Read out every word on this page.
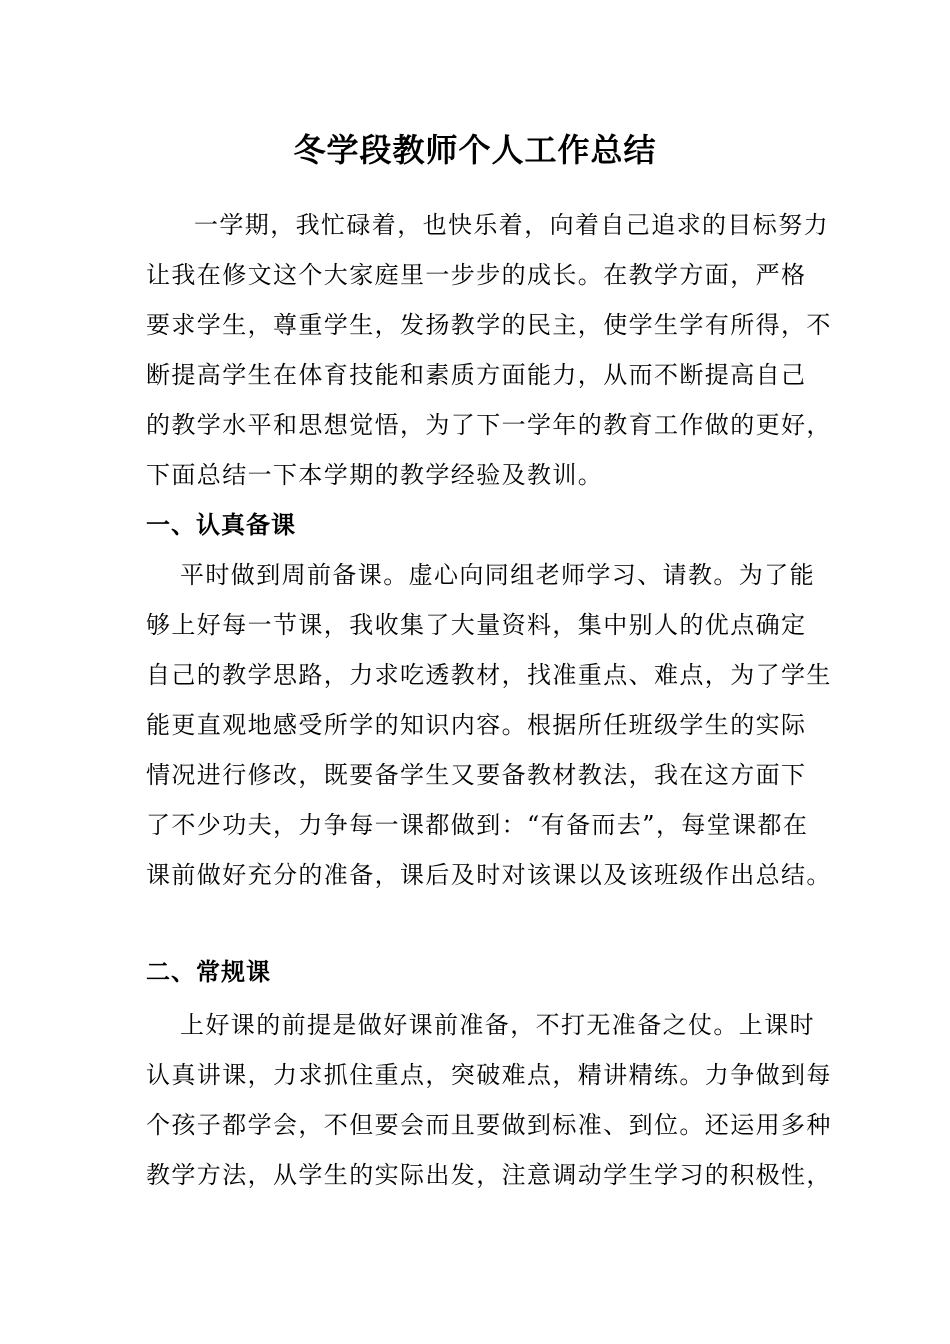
冬学段教师个人工作总结

一学期，我忙碌着，也快乐着，向着自己追求的目标努力

让我在修文这个大家庭里一步步的成长。在教学方面，严格

要求学生，尊重学生，发扬教学的民主，使学生学有所得，不

断提高学生在体育技能和素质方面能力，从而不断提高自己

的教学水平和思想觉悟，为了下一学年的教育工作做的更好，

下面总结一下本学期的教学经验及教训。

一、认真备课

平时做到周前备课。虚心向同组老师学习、请教。为了能

够上好每一节课，我收集了大量资料，集中别人的优点确定

自己的教学思路，力求吃透教材，找准重点、难点，为了学生

能更直观地感受所学的知识内容。根据所任班级学生的实际

情况进行修改，既要备学生又要备教材教法，我在这方面下

了不少功夫，力争每一课都做到：“有备而去”，每堂课都在

课前做好充分的准备，课后及时对该课以及该班级作出总结。

二、常规课

上好课的前提是做好课前准备，不打无准备之仗。上课时

认真讲课，力求抓住重点，突破难点，精讲精练。力争做到每

个孩子都学会，不但要会而且要做到标准、到位。还运用多种

教学方法，从学生的实际出发，注意调动学生学习的积极性，
